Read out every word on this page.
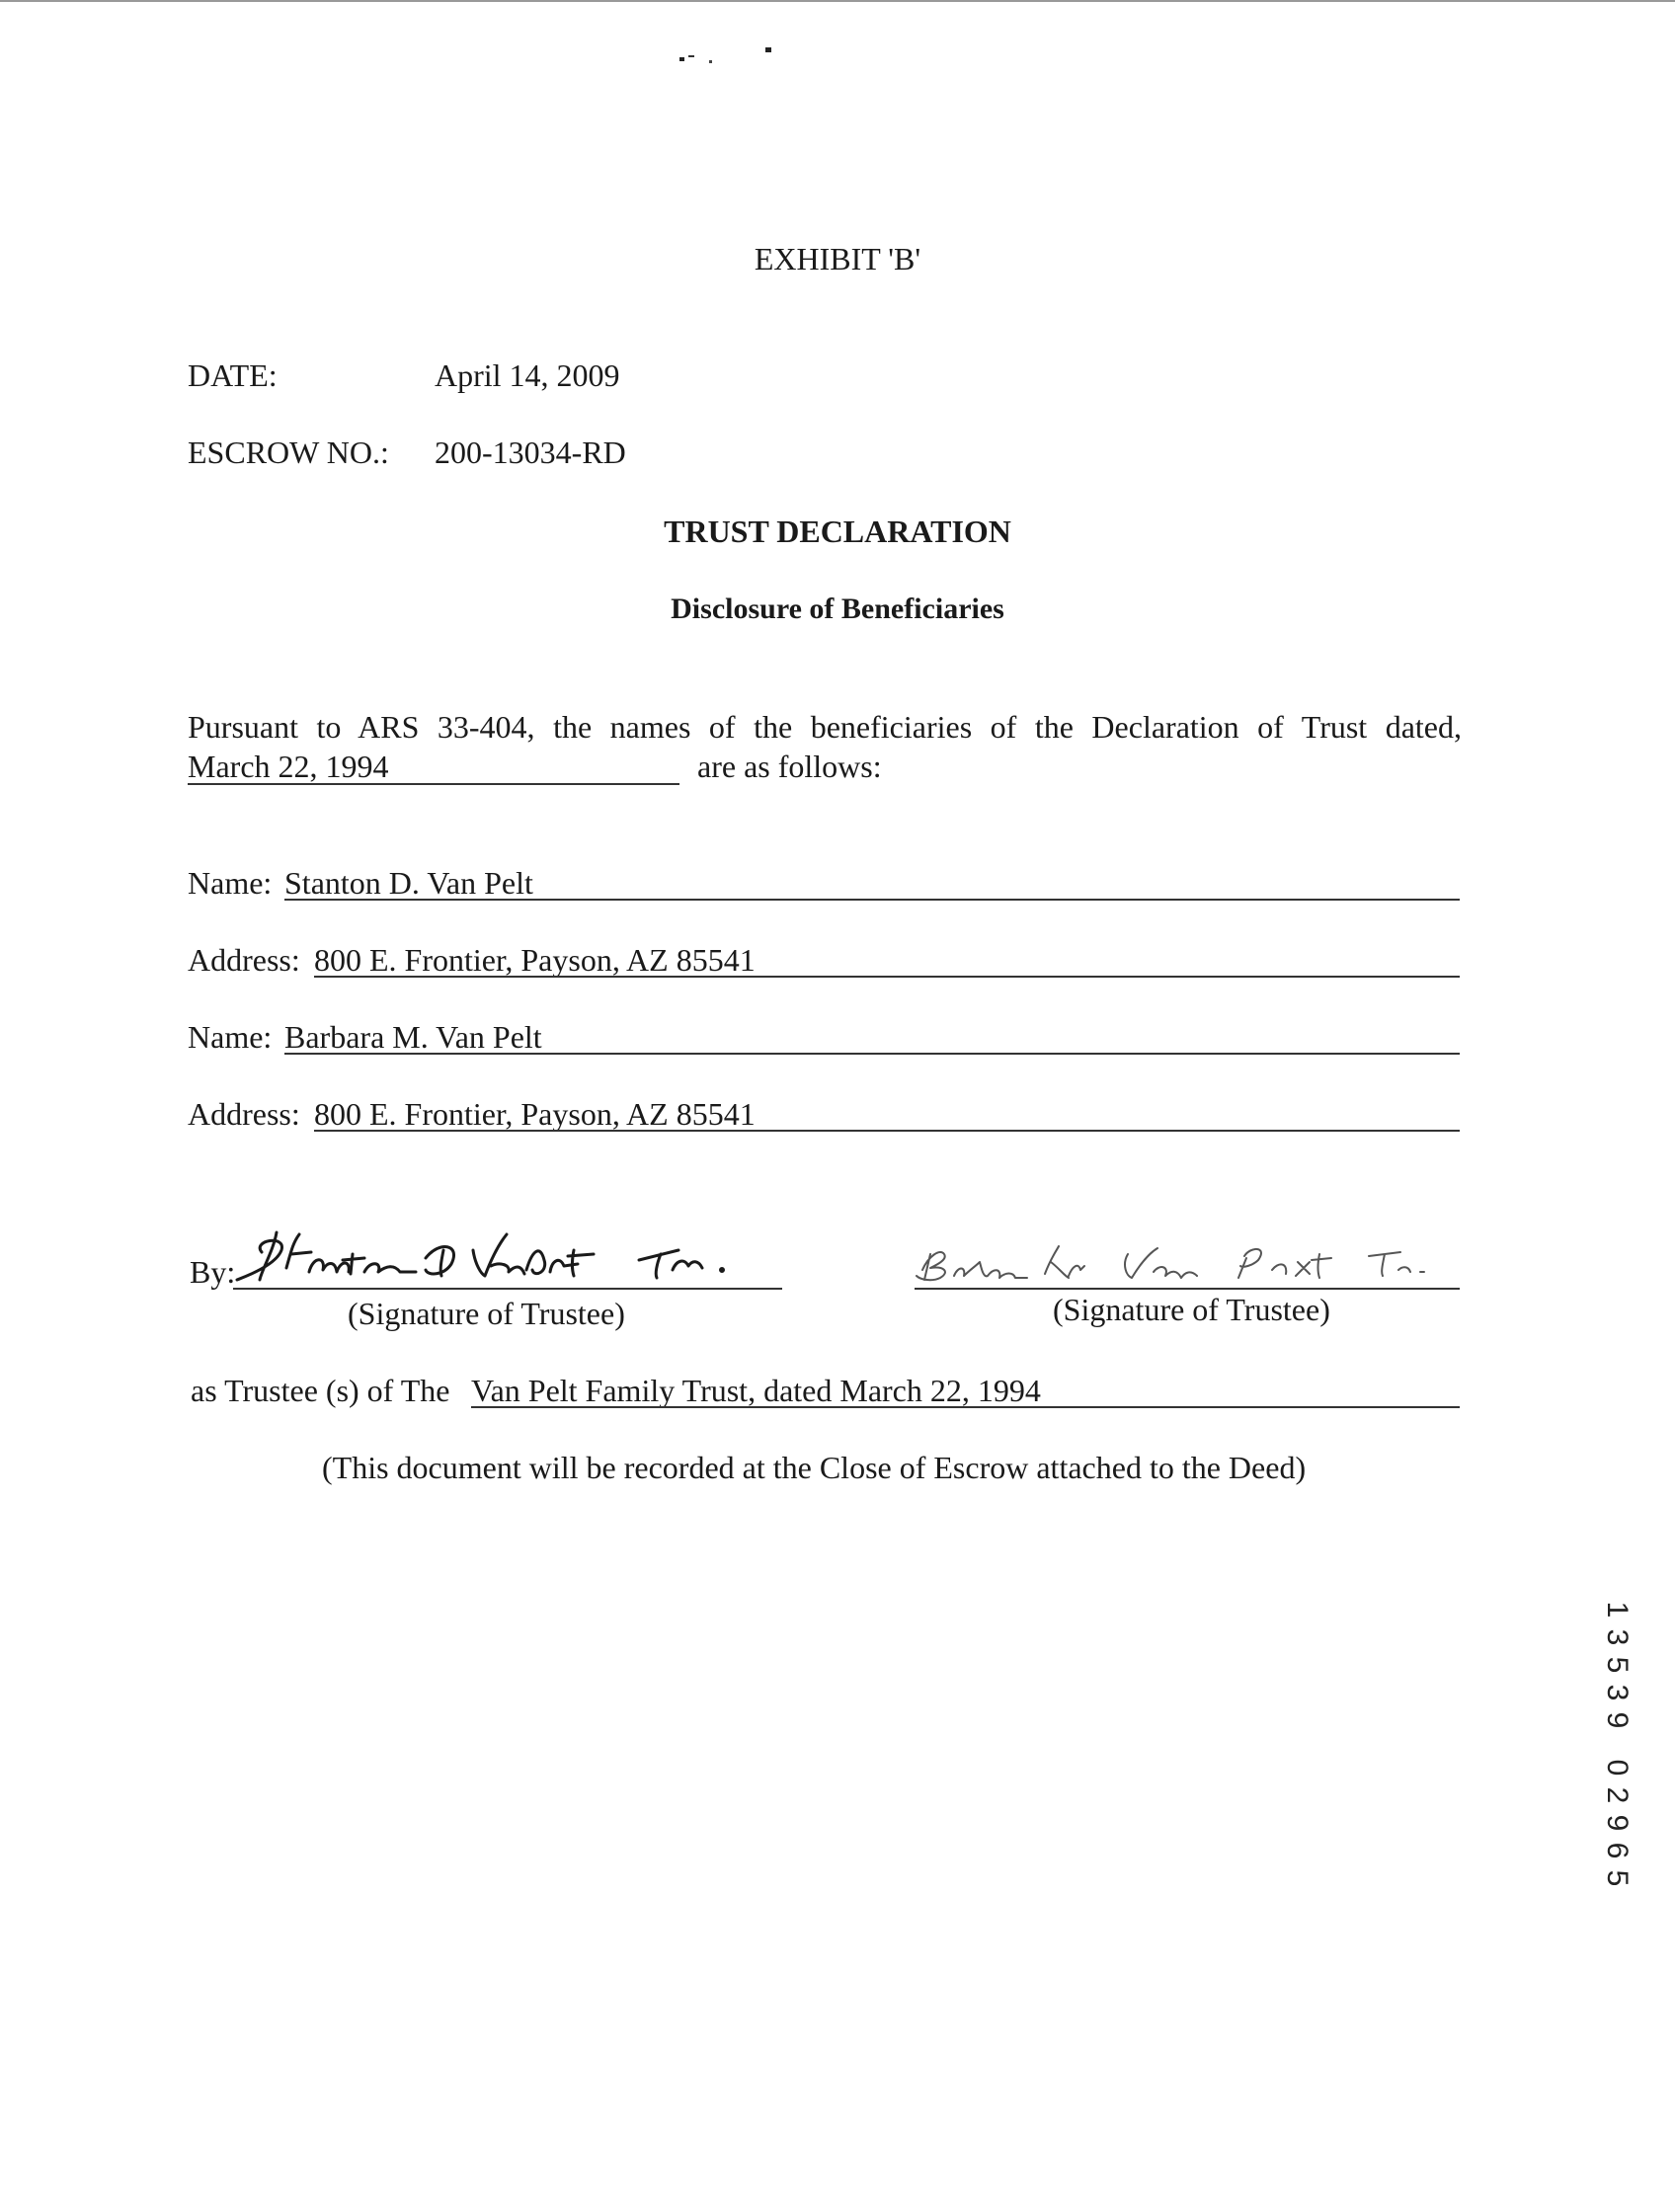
EXHIBIT 'B'
DATE:	April 14, 2009
ESCROW NO.: 200-13034-RD
TRUST DECLARATION
Disclosure of Beneficiaries
Pursuant to ARS 33-404, the names of the beneficiaries of the Declaration of Trust dated,
March 22, 1994	are as follows:
Name: Stanton D. Van Pelt
Address: 800 E. Frontier, Payson, AZ 85541
Name: Barbara M. Van Pelt
Address: 800 E. Frontier, Payson, AZ 85541
By:
(Signature of Trustee)	(Signature of Trustee)
as Trustee (s) of The Van Pelt Family Trust, dated March 22, 1994
(This document will be recorded at the Close of Escrow attached to the Deed)
1
3
5
3
9
0
2
9
6
5
